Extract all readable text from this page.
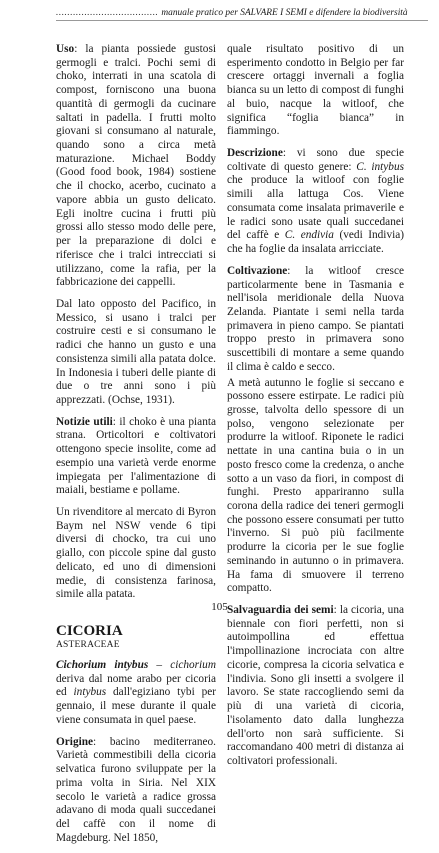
.................................... manuale pratico per SALVARE I SEMI e difendere la biodiversità

Uso: la pianta possiede gustosi germogli e tralci. Pochi semi di choko, interrati in una scatola di compost, forniscono una buona quantità di germogli da cucinare saltati in padella. I frutti molto giovani si consumano al naturale, quando sono a circa metà maturazione. Michael Boddy (Good food book, 1984) sostiene che il chocko, acerbo, cucinato a vapore abbia un gusto delicato. Egli inoltre cucina i frutti più grossi allo stesso modo delle pere, per la preparazione di dolci e riferisce che i tralci intrecciati si utilizzano, come la rafia, per la fabbricazione dei cappelli.

Dal lato opposto del Pacifico, in Messico, si usano i tralci per costruire cesti e si consumano le radici che hanno un gusto e una consistenza simili alla patata dolce. In Indonesia i tuberi delle piante di due o tre anni sono i più apprezzati. (Ochse, 1931).

Notizie utili: il choko è una pianta strana. Orticoltori e coltivatori ottengono specie insolite, come ad esempio una varietà verde enorme impiegata per l'alimentazione di maiali, bestiame e pollame.

Un rivenditore al mercato di Byron Baym nel NSW vende 6 tipi diversi di chocko, tra cui uno giallo, con piccole spine dal gusto delicato, ed uno di dimensioni medie, di consistenza farinosa, simile alla patata.

CICORIA
ASTERACEAE

Cichorium intybus – cichorium deriva dal nome arabo per cicoria ed intybus dall'egiziano tybi per gennaio, il mese durante il quale viene consumata in quel paese.

Origine: bacino mediterraneo. Varietà commestibili della cicoria selvatica furono sviluppate per la prima volta in Siria. Nel XIX secolo le varietà a radice grossa adavano di moda quali succedanei del caffè con il nome di Magdeburg. Nel 1850,

quale risultato positivo di un esperimento condotto in Belgio per far crescere ortaggi invernali a foglia bianca su un letto di compost di funghi al buio, nacque la witloof, che significa “foglia bianca” in fiammingo.

Descrizione: vi sono due specie coltivate di questo genere: C. intybus che produce la witloof con foglie simili alla lattuga Cos. Viene consumata come insalata primaverile e le radici sono usate quali succedanei del caffè e C. endivia (vedi Indivia) che ha foglie da insalata arricciate.

Coltivazione: la witloof cresce particolarmente bene in Tasmania e nell'isola meridionale della Nuova Zelanda. Piantate i semi nella tarda primavera in pieno campo. Se piantati troppo presto in primavera sono suscettibili di montare a seme quando il clima è caldo e secco.

A metà autunno le foglie si seccano e possono essere estirpate. Le radici più grosse, talvolta dello spessore di un polso, vengono selezionate per produrre la witloof. Riponete le radici nettate in una cantina buia o in un posto fresco come la credenza, o anche sotto a un vaso da fiori, in compost di funghi. Presto appariranno sulla corona della radice dei teneri germogli che possono essere consumati per tutto l'inverno. Si può più facilmente produrre la cicoria per le sue foglie seminando in autunno o in primavera. Ha fama di smuovere il terreno compatto.

Salvaguardia dei semi: la cicoria, una biennale con fiori perfetti, non si autoimpollina ed effettua l'impollinazione incrociata con altre cicorie, compresa la cicoria selvatica e l'indivia. Sono gli insetti a svolgere il lavoro. Se state raccogliendo semi da più di una varietà di cicoria, l'isolamento dato dalla lunghezza dell'orto non sarà sufficiente. Si raccomandano 400 metri di distanza ai coltivatori professionali.

105
